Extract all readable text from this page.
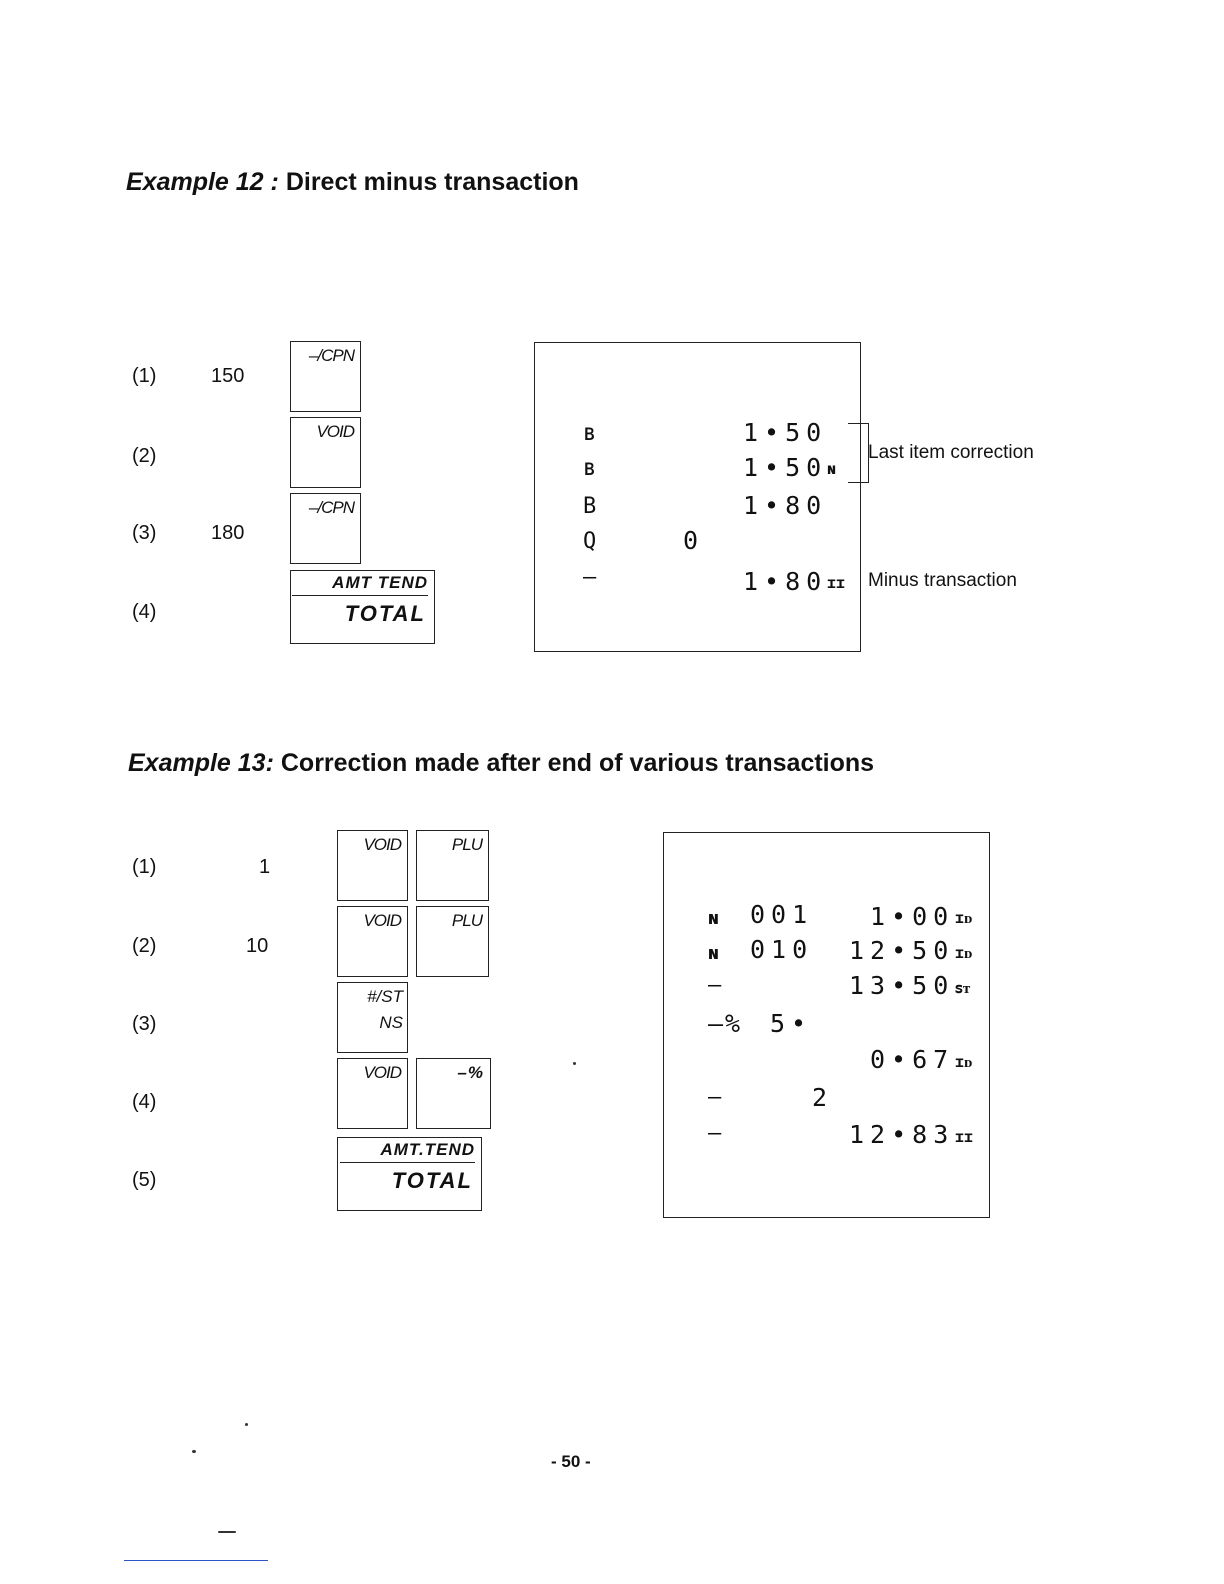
Example 12 : Direct minus transaction
(1)	150
–/CPN
(2)
VOID
(3)	180
–/CPN
(4)
AMT TEND
TOTAL
ʙ	1•50
ʙ	1•50 ɴ
B	1•80
Q	0
–	1•80 ɪɪ
Last item correction
Minus transaction
Example 13: Correction made after end of various transactions
(1)	1
VOID	PLU
(2)	10
VOID	PLU
(3)
#/ST
NS
(4)
VOID	–%
(5)
AMT.TEND
TOTAL
ɴ 001 1•00 ɪᴅ
ɴ 010 12•50 ɪᴅ
–	13•50 ꜱᴛ
–% 5•
0•67 ɪᴅ
–	2
–	12•83 ɪɪ
- 50 -
